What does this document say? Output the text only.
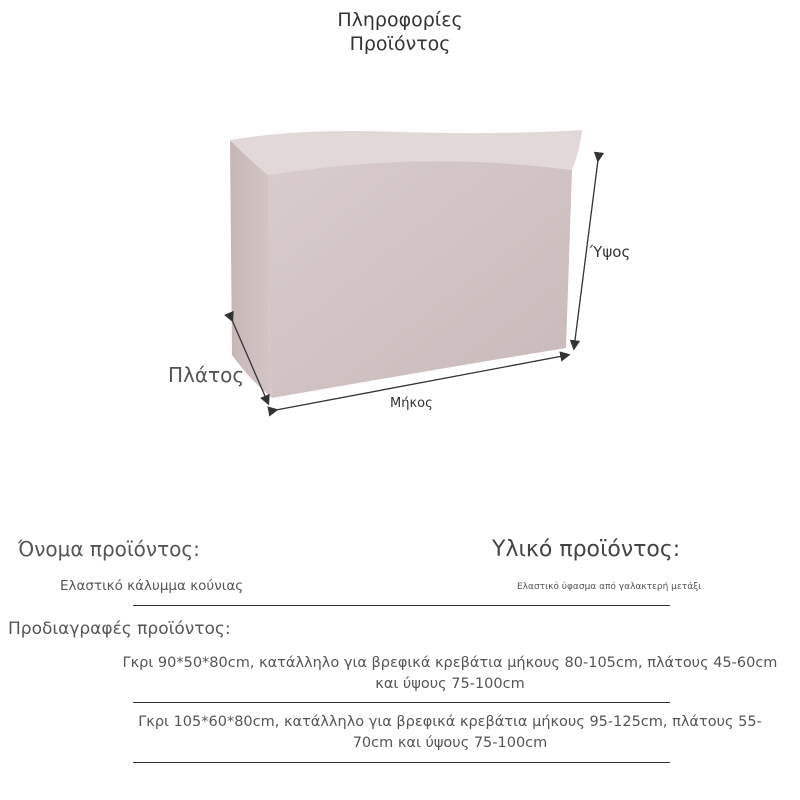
Πληροφορίες
Προϊόντος
Πλάτος
Ύψος
Μήκος
Όνομα προϊόντος:	Υλικό προϊόντος:
Ελαστικό κάλυμμα κούνιας	Ελαστικό ύφασμα από γαλακτερή μετάξι
Προδιαγραφές προϊόντος:
Γκρι 90*50*80cm, κατάλληλο για βρεφικά κρεβάτια μήκους 80-105cm, πλάτους 45-60cm και ύψους 75-100cm
Γκρι 105*60*80cm, κατάλληλο για βρεφικά κρεβάτια μήκους 95-125cm, πλάτους 55-70cm και ύψους 75-100cm
